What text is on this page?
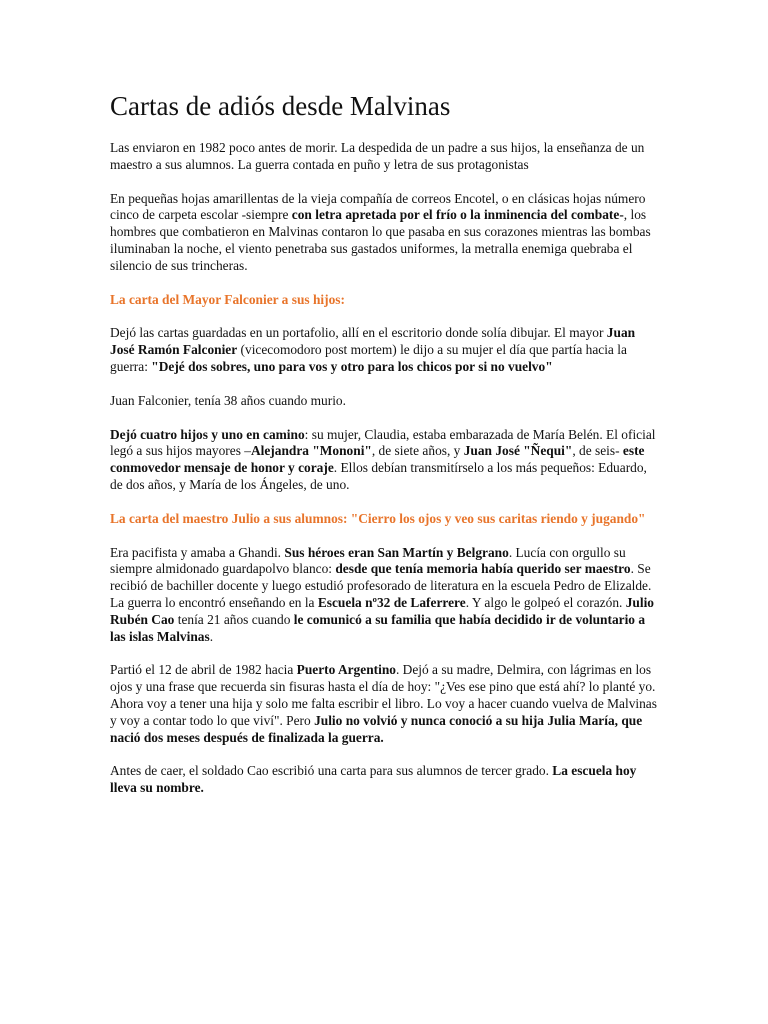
Cartas de adiós desde Malvinas

Las enviaron en 1982 poco antes de morir. La despedida de un padre a sus hijos, la enseñanza de un maestro a sus alumnos. La guerra contada en puño y letra de sus protagonistas

En pequeñas hojas amarillentas de la vieja compañía de correos Encotel, o en clásicas hojas número cinco de carpeta escolar -siempre con letra apretada por el frío o la inminencia del combate-, los hombres que combatieron en Malvinas contaron lo que pasaba en sus corazones mientras las bombas iluminaban la noche, el viento penetraba sus gastados uniformes, la metralla enemiga quebraba el silencio de sus trincheras.

La carta del Mayor Falconier a sus hijos:

Dejó las cartas guardadas en un portafolio, allí en el escritorio donde solía dibujar. El mayor Juan José Ramón Falconier (vicecomodoro post mortem) le dijo a su mujer el día que partía hacia la guerra: "Dejé dos sobres, uno para vos y otro para los chicos por si no vuelvo"

Juan Falconier, tenía 38 años cuando murio.

Dejó cuatro hijos y uno en camino: su mujer, Claudia, estaba embarazada de María Belén. El oficial legó a sus hijos mayores –Alejandra "Mononi", de siete años, y Juan José "Ñequi", de seis- este conmovedor mensaje de honor y coraje. Ellos debían transmitírselo a los más pequeños: Eduardo, de dos años, y María de los Ángeles, de uno.

La carta del maestro Julio a sus alumnos: "Cierro los ojos y veo sus caritas riendo y jugando"

Era pacifista y amaba a Ghandi. Sus héroes eran San Martín y Belgrano. Lucía con orgullo su siempre almidonado guardapolvo blanco: desde que tenía memoria había querido ser maestro. Se recibió de bachiller docente y luego estudió profesorado de literatura en la escuela Pedro de Elizalde. La guerra lo encontró enseñando en la Escuela nº32 de Laferrere. Y algo le golpeó el corazón. Julio Rubén Cao tenía 21 años cuando le comunicó a su familia que había decidido ir de voluntario a las islas Malvinas.

Partió el 12 de abril de 1982 hacia Puerto Argentino. Dejó a su madre, Delmira, con lágrimas en los ojos y una frase que recuerda sin fisuras hasta el día de hoy: "¿Ves ese pino que está ahí? lo planté yo. Ahora voy a tener una hija y solo me falta escribir el libro. Lo voy a hacer cuando vuelva de Malvinas y voy a contar todo lo que viví". Pero Julio no volvió y nunca conoció a su hija Julia María, que nació dos meses después de finalizada la guerra.

Antes de caer, el soldado Cao escribió una carta para sus alumnos de tercer grado. La escuela hoy lleva su nombre.
